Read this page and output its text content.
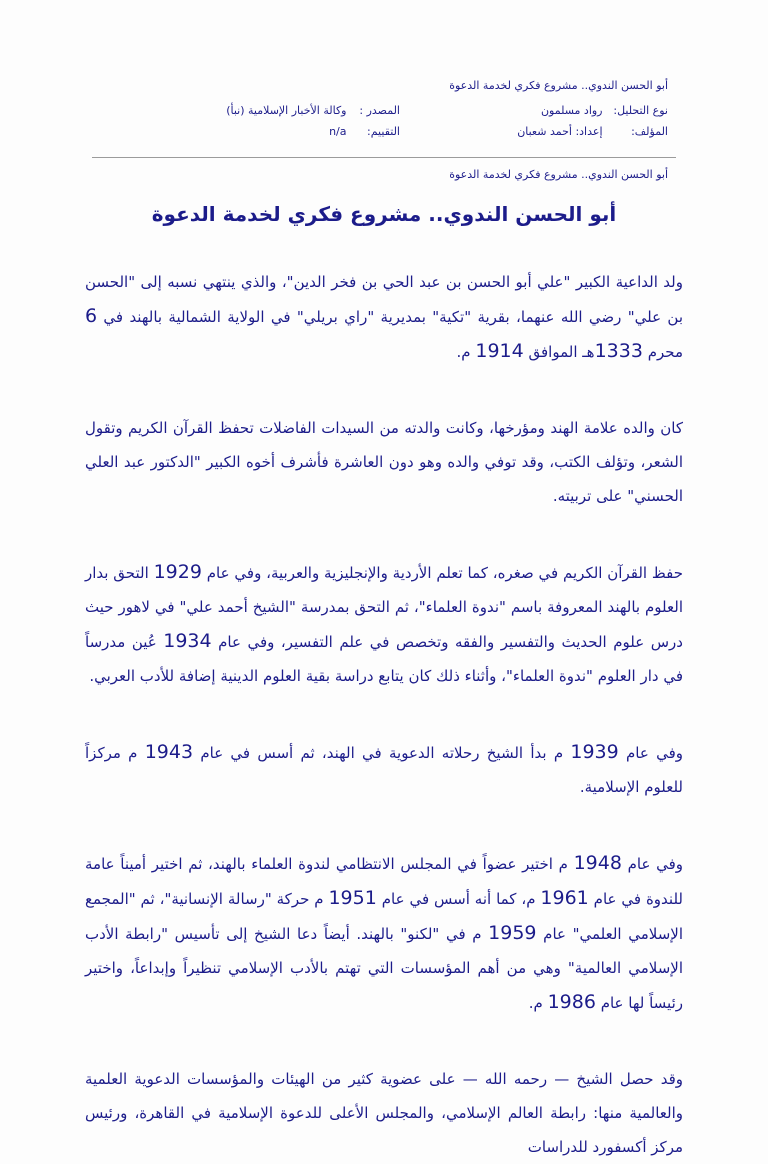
أبو الحسن الندوي.. مشروع فكري لخدمة الدعوة
نوع التحليل: رواد مسلمون
المصدر : وكالة الأخبار الإسلامية (نبأ)
المؤلف: إعداد: أحمد شعبان
التقييم: n/a
أبو الحسن الندوي.. مشروع فكري لخدمة الدعوة
أبو الحسن الندوي.. مشروع فكري لخدمة الدعوة

ولد الداعية الكبير "علي أبو الحسن بن عبد الحي بن فخر الدين"، والذي ينتهي نسبه إلى "الحسن بن علي" رضي الله عنهما، بقرية "تكية" بمديرية "راي بريلي" في الولاية الشمالية بالهند في 6 محرم 1333هـ الموافق 1914 م.

كان والده علامة الهند ومؤرخها، وكانت والدته من السيدات الفاضلات تحفظ القرآن الكريم وتقول الشعر، وتؤلف الكتب، وقد توفي والده وهو دون العاشرة فأشرف أخوه الكبير "الدكتور عبد العلي الحسني" على تربيته.

حفظ القرآن الكريم في صغره، كما تعلم الأردية والإنجليزية والعربية، وفي عام 1929 التحق بدار العلوم بالهند المعروفة باسم "ندوة العلماء"، ثم التحق بمدرسة "الشيخ أحمد علي" في لاهور حيث درس علوم الحديث والتفسير والفقه وتخصص في علم التفسير، وفي عام 1934 عُين مدرساً في دار العلوم "ندوة العلماء"، وأثناء ذلك كان يتابع دراسة بقية العلوم الدينية إضافة للأدب العربي.

وفي عام 1939 م بدأ الشيخ رحلاته الدعوية في الهند، ثم أسس في عام 1943 م مركزاً للعلوم الإسلامية.

وفي عام 1948 م اختير عضواً في المجلس الانتظامي لندوة العلماء بالهند، ثم اختير أميناً عامة للندوة في عام 1961 م، كما أنه أسس في عام 1951 م حركة "رسالة الإنسانية"، ثم "المجمع الإسلامي العلمي" عام 1959 م في "لكنو" بالهند. أيضاً دعا الشيخ إلى تأسيس "رابطة الأدب الإسلامي العالمية" وهي من أهم المؤسسات التي تهتم بالأدب الإسلامي تنظيراً وإبداعاً، واختير رئيساً لها عام 1986 م.

وقد حصل الشيخ — رحمه الله — على عضوية كثير من الهيئات والمؤسسات الدعوية العلمية والعالمية منها: رابطة العالم الإسلامي، والمجلس الأعلى للدعوة الإسلامية في القاهرة، ورئيس مركز أكسفورد للدراسات
